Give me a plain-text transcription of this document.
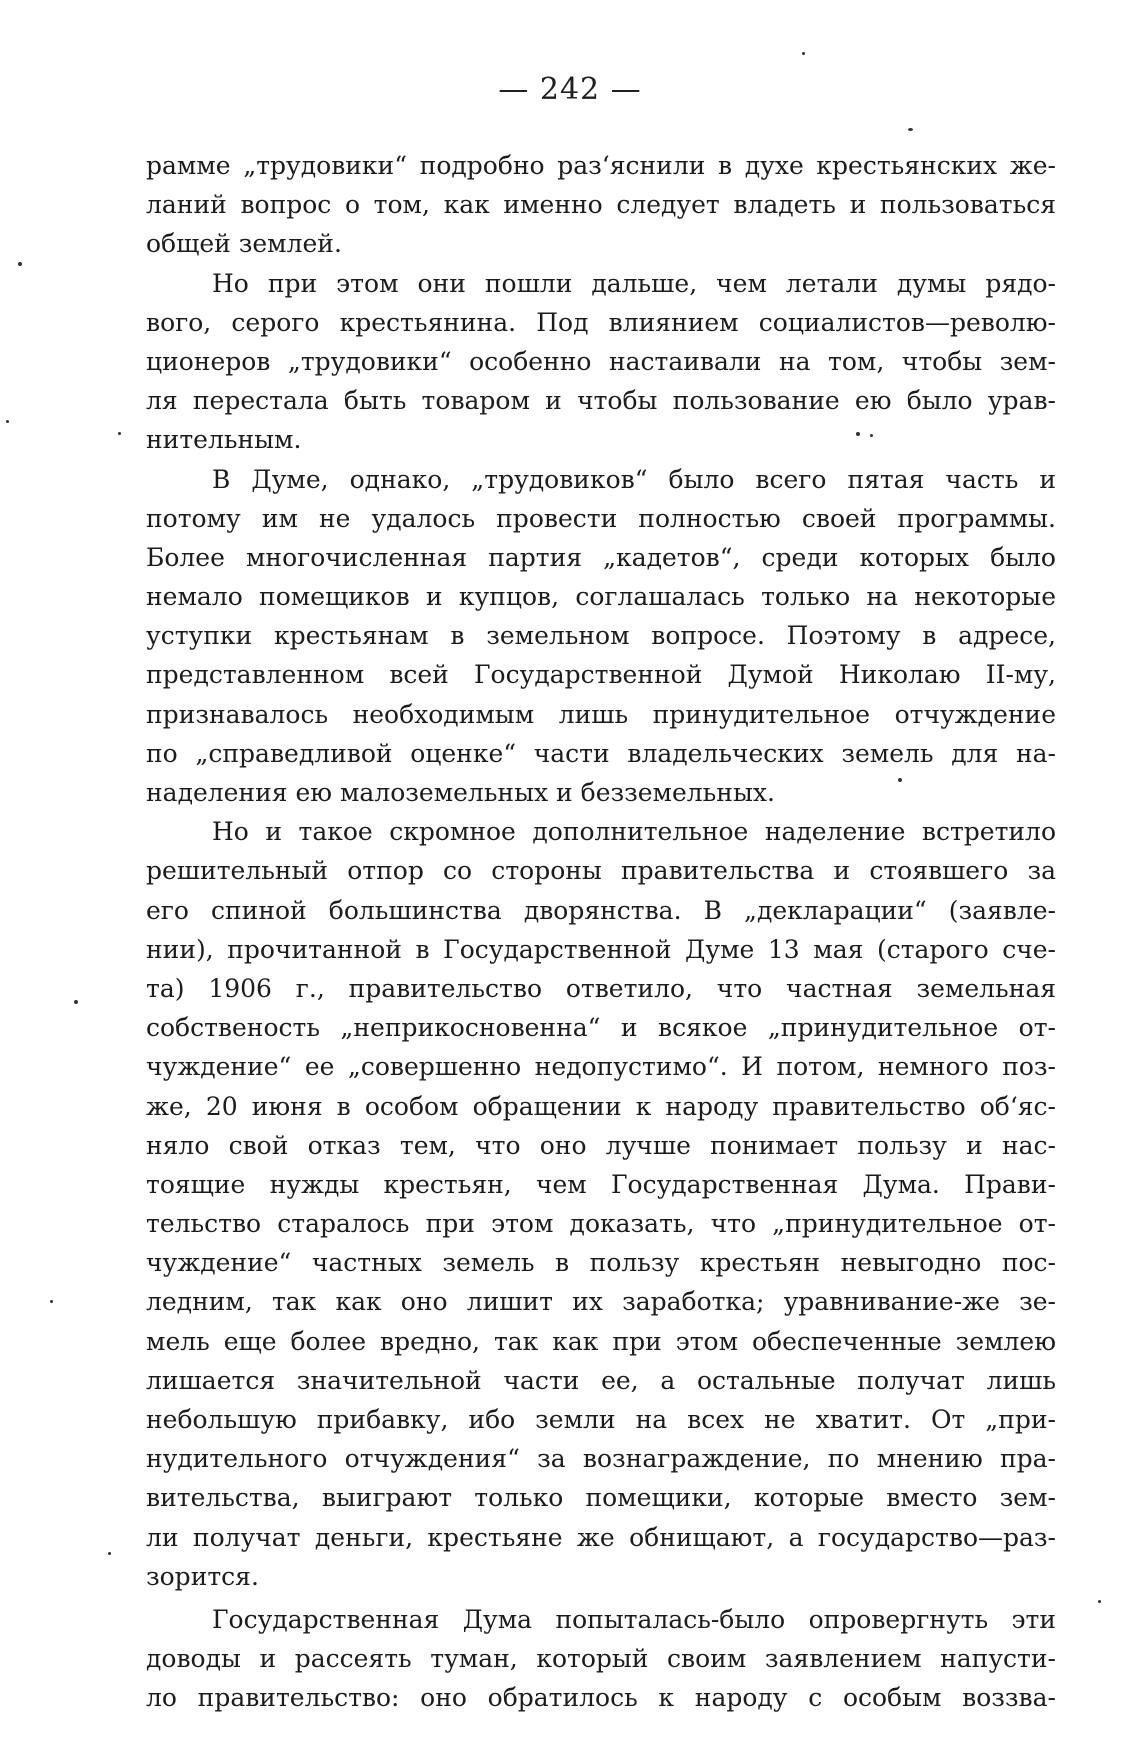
— 242 —
рамме „трудовики“ подробно раз‘яснили в духе крестьянских же-
ланий вопрос о том, как именно следует владеть и пользоваться
общей землей.
Но при этом они пошли дальше, чем летали думы рядо-
вого, серого крестьянина. Под влиянием социалистов—револю-
ционеров „трудовики“ особенно настаивали на том, чтобы зем-
ля перестала быть товаром и чтобы пользование ею было урав-
нительным.
В Думе, однако, „трудовиков“ было всего пятая часть и
потому им не удалось провести полностью своей программы.
Более многочисленная партия „кадетов“, среди которых было
немало помещиков и купцов, соглашалась только на некоторые
уступки крестьянам в земельном вопросе. Поэтому в адресе,
представленном всей Государственной Думой Николаю II-му,
признавалось необходимым лишь принудительное отчуждение
по „справедливой оценке“ части владельческих земель для на-
наделения ею малоземельных и безземельных.
Но и такое скромное дополнительное наделение встретило
решительный отпор со стороны правительства и стоявшего за
его спиной большинства дворянства. В „декларации“ (заявле-
нии), прочитанной в Государственной Думе 13 мая (старого сче-
та) 1906 г., правительство ответило, что частная земельная
собственость „неприкосновенна“ и всякое „принудительное от-
чуждение“ ее „совершенно недопустимо“. И потом, немного поз-
же, 20 июня в особом обращении к народу правительство об‘яс-
няло свой отказ тем, что оно лучше понимает пользу и нас-
тоящие нужды крестьян, чем Государственная Дума. Прави-
тельство старалось при этом доказать, что „принудительное от-
чуждение“ частных земель в пользу крестьян невыгодно пос-
ледним, так как оно лишит их заработка; уравнивание-же зе-
мель еще более вредно, так как при этом обеспеченные землею
лишается значительной части ее, а остальные получат лишь
небольшую прибавку, ибо земли на всех не хватит. От „при-
нудительного отчуждения“ за вознаграждение, по мнению пра-
вительства, выиграют только помещики, которые вместо зем-
ли получат деньги, крестьяне же обнищают, а государство—раз-
зорится.
Государственная Дума попыталась-было опровергнуть эти
доводы и рассеять туман, который своим заявлением напусти-
ло правительство: оно обратилось к народу с особым воззва-
